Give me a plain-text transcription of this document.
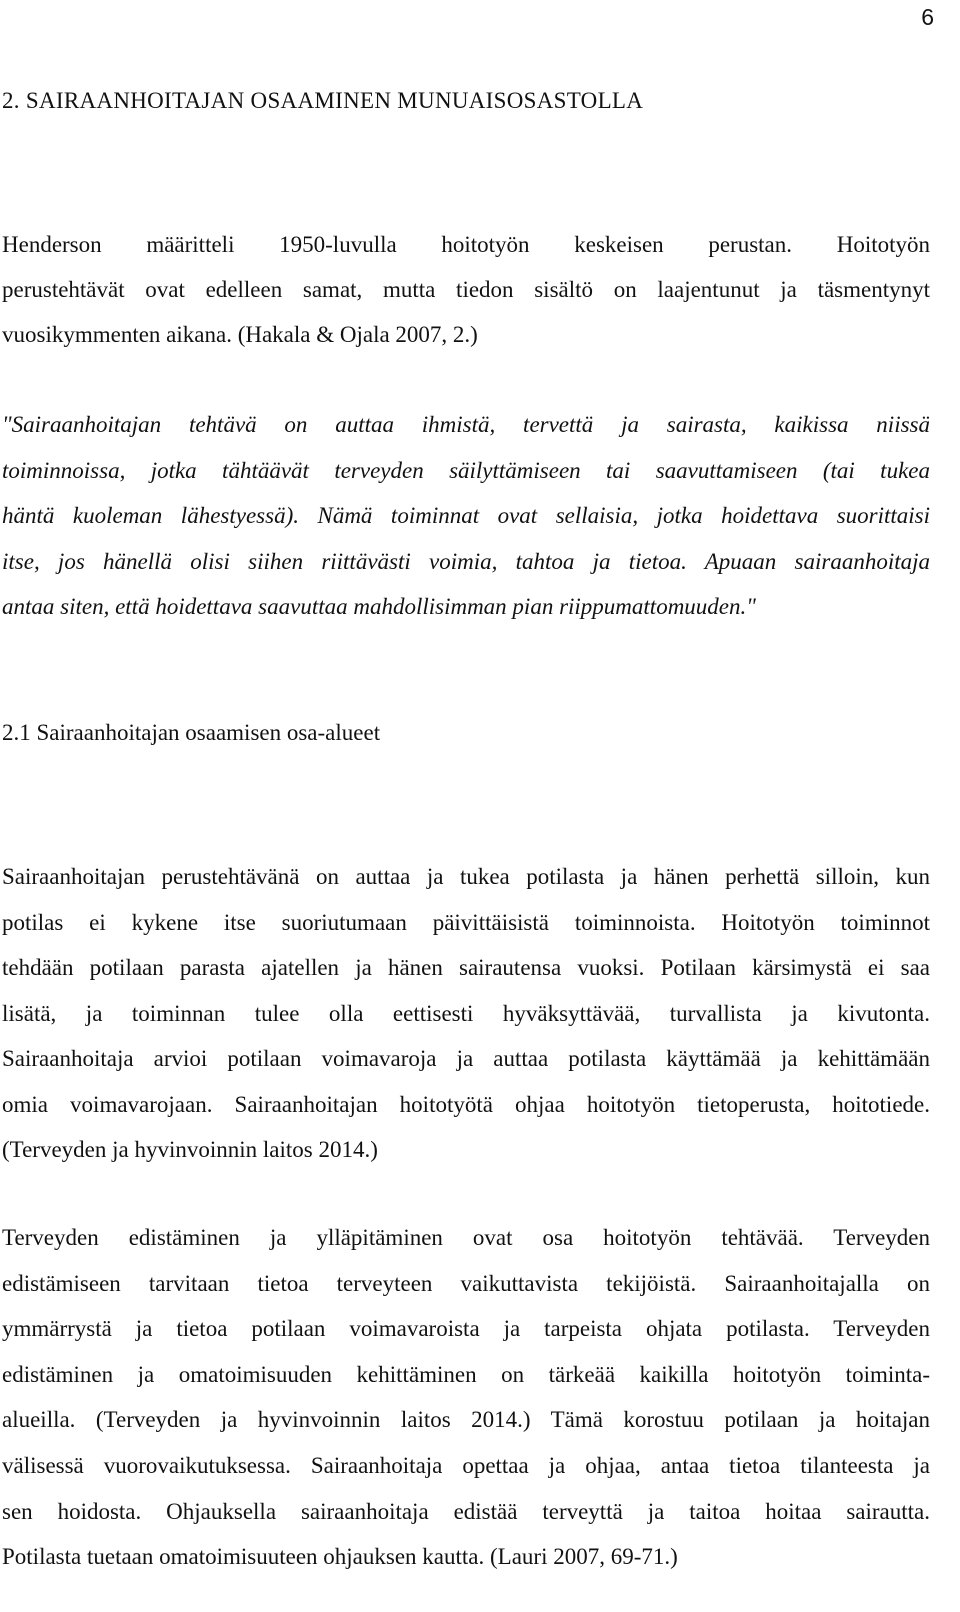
6
2. SAIRAANHOITAJAN OSAAMINEN MUNUAISOSASTOLLA
Henderson määritteli 1950-luvulla hoitotyön keskeisen perustan. Hoitotyön
perustehtävät ovat edelleen samat, mutta tiedon sisältö on laajentunut ja täsmentynyt
vuosikymmenten aikana. (Hakala & Ojala 2007, 2.)
"Sairaanhoitajan tehtävä on auttaa ihmistä, tervettä ja sairasta, kaikissa niissä
toiminnoissa, jotka tähtäävät terveyden säilyttämiseen tai saavuttamiseen (tai tukea
häntä kuoleman lähestyessä). Nämä toiminnat ovat sellaisia, jotka hoidettava suorittaisi
itse, jos hänellä olisi siihen riittävästi voimia, tahtoa ja tietoa. Apuaan sairaanhoitaja
antaa siten, että hoidettava saavuttaa mahdollisimman pian riippumattomuuden."
2.1 Sairaanhoitajan osaamisen osa-alueet
Sairaanhoitajan perustehtävänä on auttaa ja tukea potilasta ja hänen perhettä silloin, kun
potilas ei kykene itse suoriutumaan päivittäisistä toiminnoista. Hoitotyön toiminnot
tehdään potilaan parasta ajatellen ja hänen sairautensa vuoksi. Potilaan kärsimystä ei saa
lisätä, ja toiminnan tulee olla eettisesti hyväksyttävää, turvallista ja kivutonta.
Sairaanhoitaja arvioi potilaan voimavaroja ja auttaa potilasta käyttämää ja kehittämään
omia voimavarojaan. Sairaanhoitajan hoitotyötä ohjaa hoitotyön tietoperusta, hoitotiede.
(Terveyden ja hyvinvoinnin laitos 2014.)
Terveyden edistäminen ja ylläpitäminen ovat osa hoitotyön tehtävää. Terveyden
edistämiseen tarvitaan tietoa terveyteen vaikuttavista tekijöistä. Sairaanhoitajalla on
ymmärrystä ja tietoa potilaan voimavaroista ja tarpeista ohjata potilasta. Terveyden
edistäminen ja omatoimisuuden kehittäminen on tärkeää kaikilla hoitotyön toiminta-
alueilla. (Terveyden ja hyvinvoinnin laitos 2014.) Tämä korostuu potilaan ja hoitajan
välisessä vuorovaikutuksessa. Sairaanhoitaja opettaa ja ohjaa, antaa tietoa tilanteesta ja
sen hoidosta. Ohjauksella sairaanhoitaja edistää terveyttä ja taitoa hoitaa sairautta.
Potilasta tuetaan omatoimisuuteen ohjauksen kautta. (Lauri 2007, 69-71.)
